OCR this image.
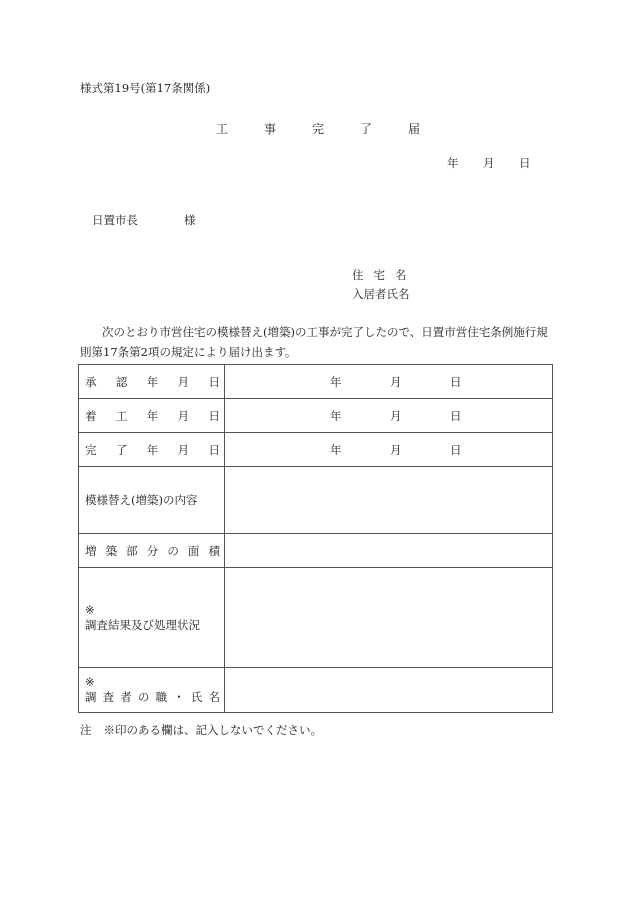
様式第19号(第17条関係)
工	事	完	了	届
年	月	日
日置市長	様
住宅名
入居者氏名
次のとおり市営住宅の模様替え(増築)の工事が完了したので、日置市営住宅条例施行規則第17条第2項の規定により届け出ます。
承 認 年 月 日	年 月 日

着 工 年 月 日	年 月 日

完 了 年 月 日	年 月 日

模様替え(増築)の内容	

増 築 部 分 の 面 積

※
調査結果及び処理状況	

※
調 査 者 の 職 ・ 氏 名

注 ※印のある欄は、記入しないでください。
